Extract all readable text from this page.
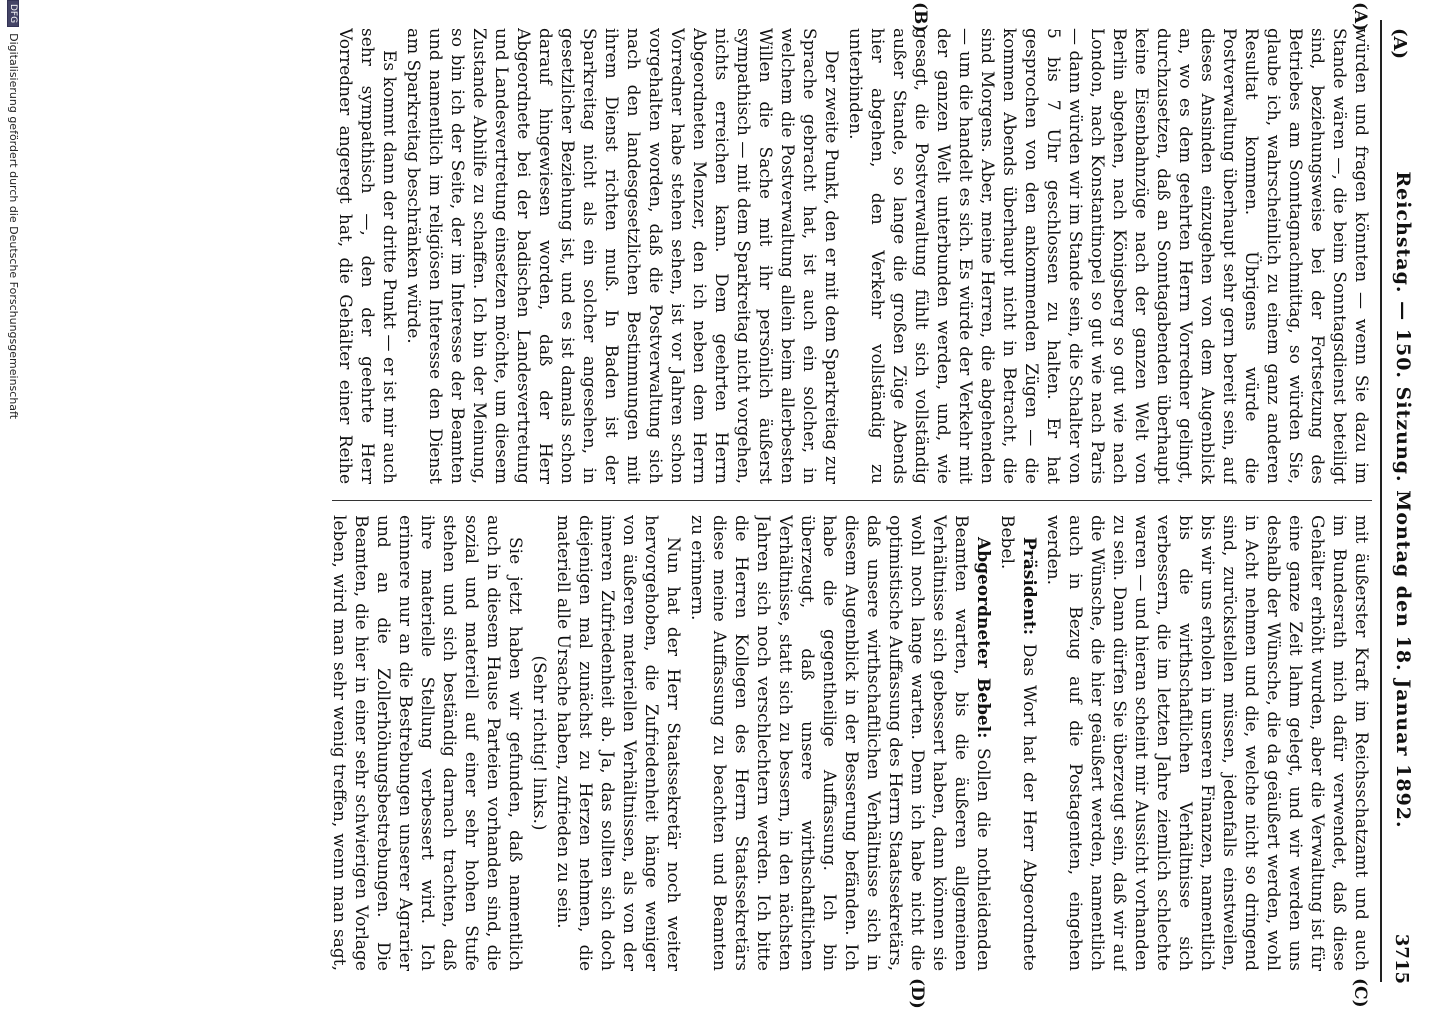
(A)
Reichstag. — 150. Sitzung. Montag den 18. Januar 1892.
3715
(A)
(B)
(C)
(D)

würden und fragen könnten — wenn Sie dazu im Stande wären —, die beim Sonntagsdienst beteiligt sind, beziehungsweise bei der Fortsetzung des Betriebes am Sonntagnachmittag, so würden Sie, glaube ich, wahrscheinlich zu einem ganz anderen Resultat kommen. Übrigens würde die Postverwaltung überhaupt sehr gern bereit sein, auf dieses Ansinden einzugehen von dem Augenblick an, wo es dem geehrten Herrn Vorredner gelingt, durchzusetzen, daß an Sonntagabenden überhaupt keine Eisenbahnzüge nach der ganzen Welt von Berlin abgehen, nach Königsberg so gut wie nach London, nach Konstantinopel so gut wie nach Paris — dann würden wir im Stande sein, die Schalter von 5 bis 7 Uhr geschlossen zu halten. Er hat gesprochen von den ankommenden Zügen — die kommen Abends überhaupt nicht in Betracht, die sind Morgens. Aber, meine Herren, die abgehenden — um die handelt es sich. Es würde der Verkehr mit der ganzen Welt unterbunden werden, und, wie gesagt, die Postverwaltung fühlt sich vollständig außer Stande, so lange die großen Züge Abends hier abgehen, den Verkehr vollständig zu unterbinden.

Der zweite Punkt, den er mit dem Sparkreitag zur Sprache gebracht hat, ist auch ein solcher, in welchem die Postverwaltung allein beim allerbesten Willen die Sache mit ihr persönlich äußerst sympathisch — mit dem Sparkreitag nicht vorgehen, nichts erreichen kann. Dem geehrten Herrn Abgeordneten Menzer, den ich neben dem Herrn Vorredner habe stehen sehen, ist vor Jahren schon vorgehalten worden, daß die Postverwaltung sich nach den landesgesetzlichen Bestimmungen mit ihrem Dienst richten muß. In Baden ist der Sparkreitag nicht als ein solcher angesehen, in gesetzlicher Beziehung ist, und es ist damals schon darauf hingewiesen worden, daß der Herr Abgeordnete bei der badischen Landesvertretung und Landesvertretung einsetzen möchte, um diesem Zustande Abhilfe zu schaffen. Ich bin der Meinung, so bin ich der Seite, der im Interesse der Beamten und namentlich im religiösen Interesse den Dienst am Sparkreitag beschränken würde.

Es kommt dann der dritte Punkt — er ist mir auch sehr sympathisch —, den der geehrte Herr Vorredner angeregt hat, die Gehälter einer Reihe

mit äußerster Kraft im Reichsschatzamt und auch im Bundesrath mich dafür verwendet, daß diese Gehälter erhöht wurden, aber die Verwaltung ist für eine ganze Zeit lahm gelegt, und wir werden uns deshalb der Wünsche, die da geäußert werden, wohl in Acht nehmen und die, welche nicht so dringend sind, zurückstellen müssen, jedenfalls einstweilen, bis wir uns erholen in unseren Finanzen, namentlich bis die wirthschaftlichen Verhältnisse sich verbessern, die im letzten Jahre ziemlich schlechte waren — und hieran scheint mir Aussicht vorhanden zu sein. Dann dürfen Sie überzeugt sein, daß wir auf die Wünsche, die hier geäußert werden, namentlich auch in Bezug auf die Postagenten, eingehen werden.

Präsident: Das Wort hat der Herr Abgeordnete Bebel.

Abgeordneter Bebel: Sollen die nothleidenden Beamten warten, bis die äußeren allgemeinen Verhältnisse sich gebessert haben, dann können sie wohl noch lange warten. Denn ich habe nicht die optimistische Auffassung des Herrn Staatssekretärs, daß unsere wirthschaftlichen Verhältnisse sich in diesem Augenblick in der Besserung befänden. Ich habe die gegentheilige Auffassung. Ich bin überzeugt, daß unsere wirthschaftlichen Verhältnisse, statt sich zu bessern, in den nächsten Jahren sich noch verschlechtern werden. Ich bitte die Herren Kollegen des Herrn Staatssekretärs diese meine Auffassung zu beachten und Beamten zu erinnern.

Nun hat der Herr Staatssekretär noch weiter hervorgehoben, die Zufriedenheit hänge weniger von äußeren materiellen Verhältnissen, als von der inneren Zufriedenheit ab. Ja, das sollten sich doch diejenigen mal zunächst zu Herzen nehmen, die materiell alle Ursache haben, zufrieden zu sein.

(Sehr richtig! links.)

Sie jetzt haben wir gefunden, daß namentlich auch in diesem Hause Parteien vorhanden sind, die sozial und materiell auf einer sehr hohen Stufe stehen und sich beständig darnach trachten, daß ihre materielle Stellung verbessert wird. Ich erinnere nur an die Bestrebungen unserer Agrarier und an die Zollerhöhungsbestrebungen. Die Beamten, die hier in einer sehr schwierigen Vorlage leben, wird man sehr wenig treffen, wenn man sagt,

DFGDigitalisierung gefördert durch die Deutsche Forschungsgemeinschaft
